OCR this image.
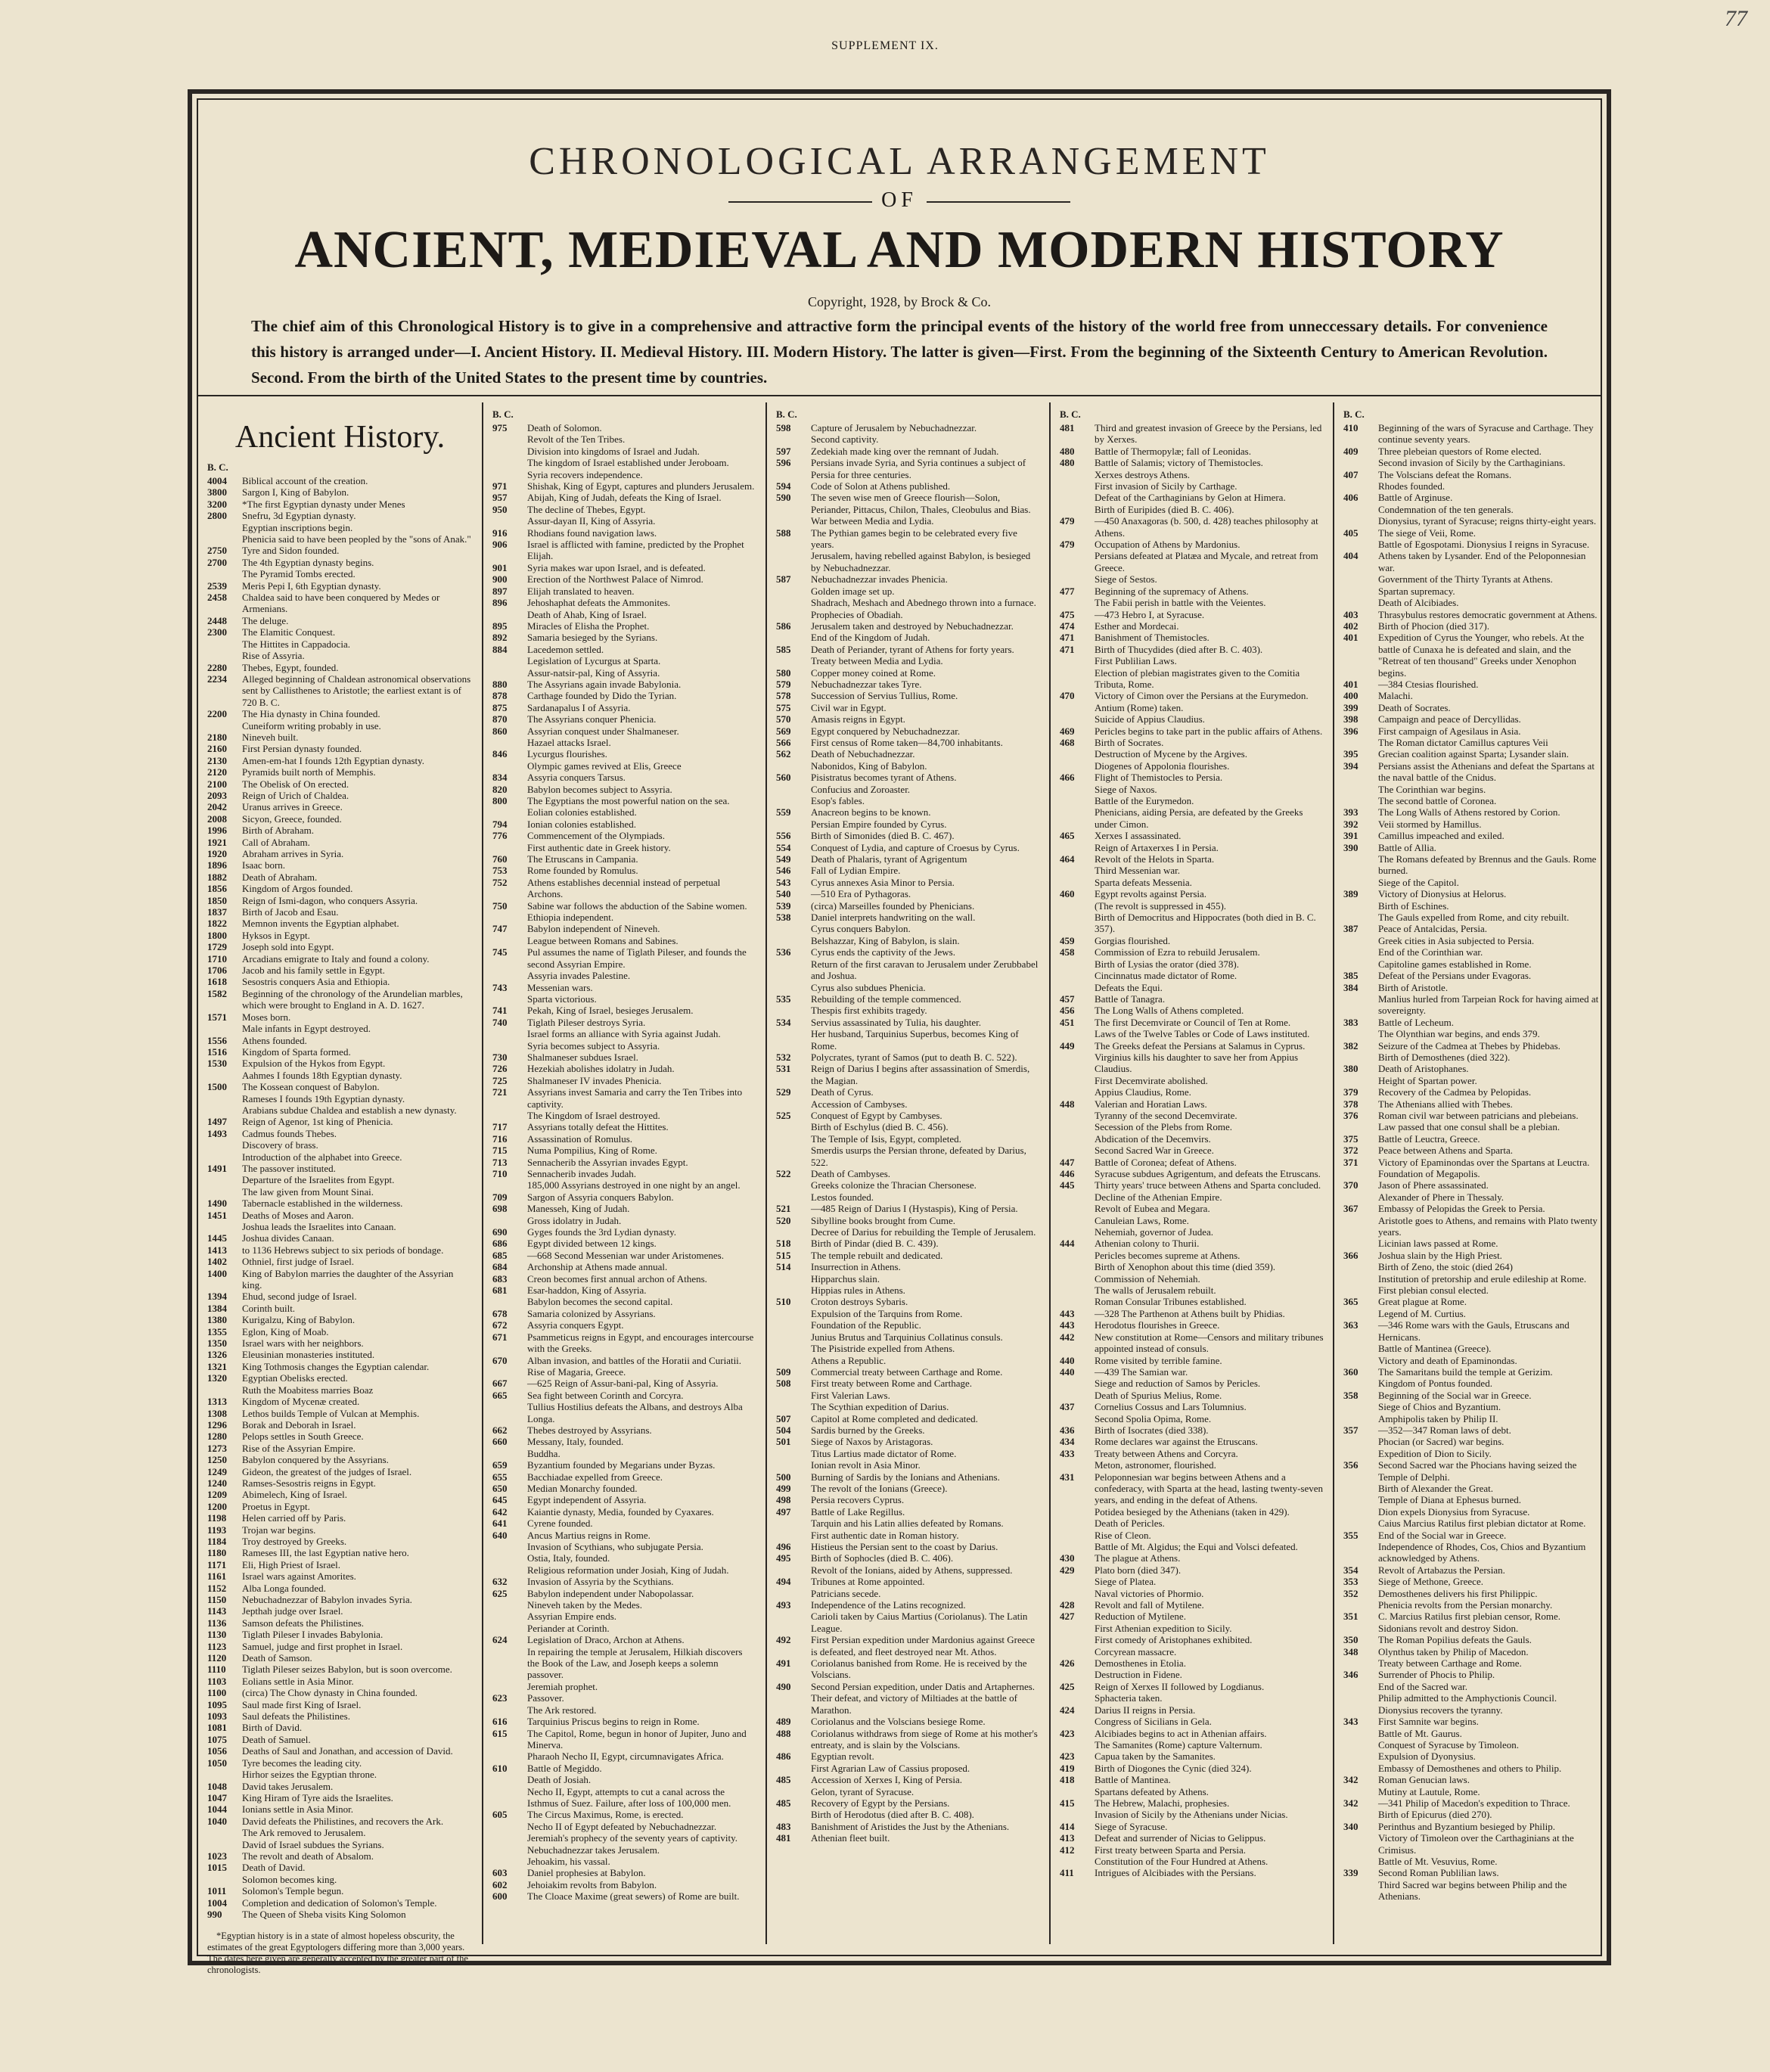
77
SUPPLEMENT IX.
CHRONOLOGICAL ARRANGEMENT
OF
ANCIENT, MEDIEVAL AND MODERN HISTORY
Copyright, 1928, by Brock & Co.
The chief aim of this Chronological History is to give in a comprehensive and attractive form the principal events of the history of the world free from unneccessary details. For convenience this history is arranged under—I. Ancient History. II. Medieval History. III. Modern History. The latter is given—First. From the beginning of the Sixteenth Century to American Revolution. Second. From the birth of the United States to the present time by countries.
Ancient History.
B. C.
4004	Biblical account of the creation.
3800	Sargon I, King of Babylon.
3200	*The first Egyptian dynasty under Menes
2800	Snefru, 3d Egyptian dynasty.
Egyptian inscriptions begin.
Phenicia said to have been peopled by the "sons of Anak."
2750	Tyre and Sidon founded.
2700	The 4th Egyptian dynasty begins.
The Pyramid Tombs erected.
2539	Meris Pepi I, 6th Egyptian dynasty.
2458	Chaldea said to have been conquered by Medes or Armenians.
2448	The deluge.
2300	The Elamitic Conquest.
The Hittites in Cappadocia.
Rise of Assyria.
2280	Thebes, Egypt, founded.
2234	Alleged beginning of Chaldean astronomical observations sent by Callisthenes to Aristotle; the earliest extant is of 720 B. C.
2200	The Hia dynasty in China founded.
Cuneiform writing probably in use.
2180	Nineveh built.
2160	First Persian dynasty founded.
2130	Amen-em-hat I founds 12th Egyptian dynasty.
2120	Pyramids built north of Memphis.
2100	The Obelisk of On erected.
2093	Reign of Urich of Chaldea.
2042	Uranus arrives in Greece.
2008	Sicyon, Greece, founded.
1996	Birth of Abraham.
1921	Call of Abraham.
1920	Abraham arrives in Syria.
1896	Isaac born.
1882	Death of Abraham.
1856	Kingdom of Argos founded.
1850	Reign of Ismi-dagon, who conquers Assyria.
1837	Birth of Jacob and Esau.
1822	Memnon invents the Egyptian alphabet.
1800	Hyksos in Egypt.
1729	Joseph sold into Egypt.
1710	Arcadians emigrate to Italy and found a colony.
1706	Jacob and his family settle in Egypt.
1618	Sesostris conquers Asia and Ethiopia.
1582	Beginning of the chronology of the Arundelian marbles, which were brought to England in A. D. 1627.
1571	Moses born.
Male infants in Egypt destroyed.
1556	Athens founded.
1516	Kingdom of Sparta formed.
1530	Expulsion of the Hykos from Egypt.
Aahmes I founds 18th Egyptian dynasty.
1500	The Kossean conquest of Babylon.
Rameses I founds 19th Egyptian dynasty.
Arabians subdue Chaldea and establish a new dynasty.
1497	Reign of Agenor, 1st king of Phenicia.
1493	Cadmus founds Thebes.
Discovery of brass.
Introduction of the alphabet into Greece.
1491	The passover instituted.
Departure of the Israelites from Egypt.
The law given from Mount Sinai.
1490	Tabernacle established in the wilderness.
1451	Deaths of Moses and Aaron.
Joshua leads the Israelites into Canaan.
1445	Joshua divides Canaan.
1413	to 1136 Hebrews subject to six periods of bondage.
1402	Othniel, first judge of Israel.
1400	King of Babylon marries the daughter of the Assyrian king.
1394	Ehud, second judge of Israel.
1384	Corinth built.
1380	Kurigalzu, King of Babylon.
1355	Eglon, King of Moab.
1350	Israel wars with her neighbors.
1326	Eleusinian monasteries instituted.
1321	King Tothmosis changes the Egyptian calendar.
1320	Egyptian Obelisks erected.
Ruth the Moabitess marries Boaz
1313	Kingdom of Mycenæ created.
1308	Lethos builds Temple of Vulcan at Memphis.
1296	Borak and Deborah in Israel.
1280	Pelops settles in South Greece.
1273	Rise of the Assyrian Empire.
1250	Babylon conquered by the Assyrians.
1249	Gideon, the greatest of the judges of Israel.
1240	Ramses-Sesostris reigns in Egypt.
1209	Abimelech, King of Israel.
1200	Proetus in Egypt.
1198	Helen carried off by Paris.
1193	Trojan war begins.
1184	Troy destroyed by Greeks.
1180	Rameses III, the last Egyptian native hero.
1171	Eli, High Priest of Israel.
1161	Israel wars against Amorites.
1152	Alba Longa founded.
1150	Nebuchadnezzar of Babylon invades Syria.
1143	Jepthah judge over Israel.
1136	Samson defeats the Philistines.
1130	Tiglath Pileser I invades Babylonia.
1123	Samuel, judge and first prophet in Israel.
1120	Death of Samson.
1110	Tiglath Pileser seizes Babylon, but is soon overcome.
1103	Eolians settle in Asia Minor.
1100	(circa) The Chow dynasty in China founded.
1095	Saul made first King of Israel.
1093	Saul defeats the Philistines.
1081	Birth of David.
1075	Death of Samuel.
1056	Deaths of Saul and Jonathan, and accession of David.
1050	Tyre becomes the leading city.
Hirhor seizes the Egyptian throne.
1048	David takes Jerusalem.
1047	King Hiram of Tyre aids the Israelites.
1044	Ionians settle in Asia Minor.
1040	David defeats the Philistines, and recovers the Ark.
The Ark removed to Jerusalem.
David of Israel subdues the Syrians.
1023	The revolt and death of Absalom.
1015	Death of David.
Solomon becomes king.
1011	Solomon's Temple begun.
1004	Completion and dedication of Solomon's Temple.
990	The Queen of Sheba visits King Solomon
*Egyptian history is in a state of almost hopeless obscurity, the estimates of the great Egyptologers differing more than 3,000 years. The dates here given are generally accepted by the greater part of the chronologists.
B. C.
975	Death of Solomon.
Revolt of the Ten Tribes.
Division into kingdoms of Israel and Judah.
The kingdom of Israel established under Jeroboam.
Syria recovers independence.
971	Shishak, King of Egypt, captures and plunders Jerusalem.
957	Abijah, King of Judah, defeats the King of Israel.
950	The decline of Thebes, Egypt.
Assur-dayan II, King of Assyria.
916	Rhodians found navigation laws.
906	Israel is afflicted with famine, predicted by the Prophet Elijah.
901	Syria makes war upon Israel, and is defeated.
900	Erection of the Northwest Palace of Nimrod.
897	Elijah translated to heaven.
896	Jehoshaphat defeats the Ammonites.
Death of Ahab, King of Israel.
895	Miracles of Elisha the Prophet.
892	Samaria besieged by the Syrians.
884	Lacedemon settled.
Legislation of Lycurgus at Sparta.
Assur-natsir-pal, King of Assyria.
880	The Assyrians again invade Babylonia.
878	Carthage founded by Dido the Tyrian.
875	Sardanapalus I of Assyria.
870	The Assyrians conquer Phenicia.
860	Assyrian conquest under Shalmaneser.
Hazael attacks Israel.
846	Lycurgus flourishes.
Olympic games revived at Elis, Greece
834	Assyria conquers Tarsus.
820	Babylon becomes subject to Assyria.
800	The Egyptians the most powerful nation on the sea.
Eolian colonies established.
794	Ionian colonies established.
776	Commencement of the Olympiads.
First authentic date in Greek history.
760	The Etruscans in Campania.
753	Rome founded by Romulus.
752	Athens establishes decennial instead of perpetual Archons.
750	Sabine war follows the abduction of the Sabine women.
Ethiopia independent.
747	Babylon independent of Nineveh.
League between Romans and Sabines.
745	Pul assumes the name of Tiglath Pileser, and founds the second Assyrian Empire.
Assyria invades Palestine.
743	Messenian wars.
Sparta victorious.
741	Pekah, King of Israel, besieges Jerusalem.
740	Tiglath Pileser destroys Syria.
Israel forms an alliance with Syria against Judah.
Syria becomes subject to Assyria.
730	Shalmaneser subdues Israel.
726	Hezekiah abolishes idolatry in Judah.
725	Shalmaneser IV invades Phenicia.
721	Assyrians invest Samaria and carry the Ten Tribes into captivity.
The Kingdom of Israel destroyed.
717	Assyrians totally defeat the Hittites.
716	Assassination of Romulus.
715	Numa Pompilius, King of Rome.
713	Sennacherib the Assyrian invades Egypt.
710	Sennacherib invades Judah.
185,000 Assyrians destroyed in one night by an angel.
709	Sargon of Assyria conquers Babylon.
698	Manesseh, King of Judah.
Gross idolatry in Judah.
690	Gyges founds the 3rd Lydian dynasty.
686	Egypt divided between 12 kings.
685	—668 Second Messenian war under Aristomenes.
684	Archonship at Athens made annual.
683	Creon becomes first annual archon of Athens.
681	Esar-haddon, King of Assyria.
Babylon becomes the second capital.
678	Samaria colonized by Assyrians.
672	Assyria conquers Egypt.
671	Psammeticus reigns in Egypt, and encourages intercourse with the Greeks.
670	Alban invasion, and battles of the Horatii and Curiatii.
Rise of Magaria, Greece.
667	—625 Reign of Assur-bani-pal, King of Assyria.
665	Sea fight between Corinth and Corcyra.
Tullius Hostilius defeats the Albans, and destroys Alba Longa.
662	Thebes destroyed by Assyrians.
660	Messany, Italy, founded.
Buddha.
659	Byzantium founded by Megarians under Byzas.
655	Bacchiadae expelled from Greece.
650	Median Monarchy founded.
645	Egypt independent of Assyria.
642	Kaiantie dynasty, Media, founded by Cyaxares.
641	Cyrene founded.
640	Ancus Martius reigns in Rome.
Invasion of Scythians, who subjugate Persia.
Ostia, Italy, founded.
Religious reformation under Josiah, King of Judah.
632	Invasion of Assyria by the Scythians.
625	Babylon independent under Nabopolassar.
Nineveh taken by the Medes.
Assyrian Empire ends.
Periander at Corinth.
624	Legislation of Draco, Archon at Athens.
In repairing the temple at Jerusalem, Hilkiah discovers the Book of the Law, and Joseph keeps a solemn passover.
Jeremiah prophet.
623	Passover.
The Ark restored.
616	Tarquinius Priscus begins to reign in Rome.
615	The Capitol, Rome, begun in honor of Jupiter, Juno and Minerva.
Pharaoh Necho II, Egypt, circumnavigates Africa.
610	Battle of Megiddo.
Death of Josiah.
Necho II, Egypt, attempts to cut a canal across the Isthmus of Suez. Failure, after loss of 100,000 men.
605	The Circus Maximus, Rome, is erected.
Necho II of Egypt defeated by Nebuchadnezzar.
Jeremiah's prophecy of the seventy years of captivity.
Nebuchadnezzar takes Jerusalem.
Jehoakim, his vassal.
603	Daniel prophesies at Babylon.
602	Jehoiakim revolts from Babylon.
600	The Cloace Maxime (great sewers) of Rome are built.
B. C.
598	Capture of Jerusalem by Nebuchadnezzar.
Second captivity.
597	Zedekiah made king over the remnant of Judah.
596	Persians invade Syria, and Syria continues a subject of Persia for three centuries.
594	Code of Solon at Athens published.
590	The seven wise men of Greece flourish—Solon, Periander, Pittacus, Chilon, Thales, Cleobulus and Bias.
War between Media and Lydia.
588	The Pythian games begin to be celebrated every five years.
Jerusalem, having rebelled against Babylon, is besieged by Nebuchadnezzar.
587	Nebuchadnezzar invades Phenicia.
Golden image set up.
Shadrach, Meshach and Abednego thrown into a furnace.
Prophecies of Obadiah.
586	Jerusalem taken and destroyed by Nebuchadnezzar.
End of the Kingdom of Judah.
585	Death of Periander, tyrant of Athens for forty years.
Treaty between Media and Lydia.
580	Copper money coined at Rome.
579	Nebuchadnezzar takes Tyre.
578	Succession of Servius Tullius, Rome.
575	Civil war in Egypt.
570	Amasis reigns in Egypt.
569	Egypt conquered by Nebuchadnezzar.
566	First census of Rome taken—84,700 inhabitants.
562	Death of Nebuchadnezzar.
Nabonidos, King of Babylon.
560	Pisistratus becomes tyrant of Athens.
Confucius and Zoroaster.
Esop's fables.
559	Anacreon begins to be known.
Persian Empire founded by Cyrus.
556	Birth of Simonides (died B. C. 467).
554	Conquest of Lydia, and capture of Croesus by Cyrus.
549	Death of Phalaris, tyrant of Agrigentum
546	Fall of Lydian Empire.
543	Cyrus annexes Asia Minor to Persia.
540	—510 Era of Pythagoras.
539	(circa) Marseilles founded by Phenicians.
538	Daniel interprets handwriting on the wall.
Cyrus conquers Babylon.
Belshazzar, King of Babylon, is slain.
536	Cyrus ends the captivity of the Jews.
Return of the first caravan to Jerusalem under Zerubbabel and Joshua.
Cyrus also subdues Phenicia.
535	Rebuilding of the temple commenced.
Thespis first exhibits tragedy.
534	Servius assassinated by Tulia, his daughter.
Her husband, Tarquinius Superbus, becomes King of Rome.
532	Polycrates, tyrant of Samos (put to death B. C. 522).
531	Reign of Darius I begins after assassination of Smerdis, the Magian.
529	Death of Cyrus.
Accession of Cambyses.
525	Conquest of Egypt by Cambyses.
Birth of Eschylus (died B. C. 456).
The Temple of Isis, Egypt, completed.
Smerdis usurps the Persian throne, defeated by Darius, 522.
522	Death of Cambyses.
Greeks colonize the Thracian Chersonese.
Lestos founded.
521	—485 Reign of Darius I (Hystaspis), King of Persia.
520	Sibylline books brought from Cume.
Decree of Darius for rebuilding the Temple of Jerusalem.
518	Birth of Pindar (died B. C. 439).
515	The temple rebuilt and dedicated.
514	Insurrection in Athens.
Hipparchus slain.
Hippias rules in Athens.
510	Croton destroys Sybaris.
Expulsion of the Tarquins from Rome.
Foundation of the Republic.
Junius Brutus and Tarquinius Collatinus consuls.
The Pisistride expelled from Athens.
Athens a Republic.
509	Commercial treaty between Carthage and Rome.
508	First treaty between Rome and Carthage.
First Valerian Laws.
The Scythian expedition of Darius.
507	Capitol at Rome completed and dedicated.
504	Sardis burned by the Greeks.
501	Siege of Naxos by Aristagoras.
Titus Lartius made dictator of Rome.
Ionian revolt in Asia Minor.
500	Burning of Sardis by the Ionians and Athenians.
499	The revolt of the Ionians (Greece).
498	Persia recovers Cyprus.
497	Battle of Lake Regillus.
Tarquin and his Latin allies defeated by Romans.
First authentic date in Roman history.
496	Histieus the Persian sent to the coast by Darius.
495	Birth of Sophocles (died B. C. 406).
Revolt of the Ionians, aided by Athens, suppressed.
494	Tribunes at Rome appointed.
Patricians secede.
493	Independence of the Latins recognized.
Carioli taken by Caius Martius (Coriolanus). The Latin League.
492	First Persian expedition under Mardonius against Greece is defeated, and fleet destroyed near Mt. Athos.
491	Coriolanus banished from Rome. He is received by the Volscians.
490	Second Persian expedition, under Datis and Artaphernes.
Their defeat, and victory of Miltiades at the battle of Marathon.
489	Coriolanus and the Volscians besiege Rome.
488	Coriolanus withdraws from siege of Rome at his mother's entreaty, and is slain by the Volscians.
486	Egyptian revolt.
First Agrarian Law of Cassius proposed.
485	Accession of Xerxes I, King of Persia.
Gelon, tyrant of Syracuse.
485	Recovery of Egypt by the Persians.
Birth of Herodotus (died after B. C. 408).
483	Banishment of Aristides the Just by the Athenians.
481	Athenian fleet built.
B. C.
481	Third and greatest invasion of Greece by the Persians, led by Xerxes.
480	Battle of Thermopylæ; fall of Leonidas.
480	Battle of Salamis; victory of Themistocles.
Xerxes destroys Athens.
First invasion of Sicily by Carthage.
Defeat of the Carthaginians by Gelon at Himera.
Birth of Euripides (died B. C. 406).
479	—450 Anaxagoras (b. 500, d. 428) teaches philosophy at Athens.
479	Occupation of Athens by Mardonius.
Persians defeated at Platæa and Mycale, and retreat from Greece.
Siege of Sestos.
477	Beginning of the supremacy of Athens.
The Fabii perish in battle with the Veientes.
475	—473 Hebro I, at Syracuse.
474	Esther and Mordecai.
471	Banishment of Themistocles.
471	Birth of Thucydides (died after B. C. 403).
First Publilian Laws.
Election of plebian magistrates given to the Comitia Tributa, Rome.
470	Victory of Cimon over the Persians at the Eurymedon.
Antium (Rome) taken.
Suicide of Appius Claudius.
469	Pericles begins to take part in the public affairs of Athens.
468	Birth of Socrates.
Destruction of Mycene by the Argives.
Diogenes of Appolonia flourishes.
466	Flight of Themistocles to Persia.
Siege of Naxos.
Battle of the Eurymedon.
Phenicians, aiding Persia, are defeated by the Greeks under Cimon.
465	Xerxes I assassinated.
Reign of Artaxerxes I in Persia.
464	Revolt of the Helots in Sparta.
Third Messenian war.
Sparta defeats Messenia.
460	Egypt revolts against Persia.
(The revolt is suppressed in 455).
Birth of Democritus and Hippocrates (both died in B. C. 357).
459	Gorgias flourished.
458	Commission of Ezra to rebuild Jerusalem.
Birth of Lysias the orator (died 378).
Cincinnatus made dictator of Rome.
Defeats the Equi.
457	Battle of Tanagra.
456	The Long Walls of Athens completed.
451	The first Decemvirate or Council of Ten at Rome.
Laws of the Twelve Tables or Code of Laws instituted.
449	The Greeks defeat the Persians at Salamus in Cyprus.
Virginius kills his daughter to save her from Appius Claudius.
First Decemvirate abolished.
Appius Claudius, Rome.
448	Valerian and Horatian Laws.
Tyranny of the second Decemvirate.
Secession of the Plebs from Rome.
Abdication of the Decemvirs.
Second Sacred War in Greece.
447	Battle of Coronea; defeat of Athens.
446	Syracuse subdues Agrigentum, and defeats the Etruscans.
445	Thirty years' truce between Athens and Sparta concluded.
Decline of the Athenian Empire.
Revolt of Eubea and Megara.
Canuleian Laws, Rome.
Nehemiah, governor of Judea.
444	Athenian colony to Thurii.
Pericles becomes supreme at Athens.
Birth of Xenophon about this time (died 359).
Commission of Nehemiah.
The walls of Jerusalem rebuilt.
Roman Consular Tribunes established.
443	—328 The Parthenon at Athens built by Phidias.
443	Herodotus flourishes in Greece.
442	New constitution at Rome—Censors and military tribunes appointed instead of consuls.
440	Rome visited by terrible famine.
440	—439 The Samian war.
Siege and reduction of Samos by Pericles.
Death of Spurius Melius, Rome.
437	Cornelius Cossus and Lars Tolumnius.
Second Spolia Opima, Rome.
436	Birth of Isocrates (died 338).
434	Rome declares war against the Etruscans.
433	Treaty between Athens and Corcyra.
Meton, astronomer, flourished.
431	Peloponnesian war begins between Athens and a confederacy, with Sparta at the head, lasting twenty-seven years, and ending in the defeat of Athens.
Potidea besieged by the Athenians (taken in 429).
Death of Pericles.
Rise of Cleon.
Battle of Mt. Algidus; the Equi and Volsci defeated.
430	The plague at Athens.
429	Plato born (died 347).
Siege of Platea.
Naval victories of Phormio.
428	Revolt and fall of Mytilene.
427	Reduction of Mytilene.
First Athenian expedition to Sicily.
First comedy of Aristophanes exhibited.
Corcyrean massacre.
426	Demosthenes in Etolia.
Destruction in Fidene.
425	Reign of Xerxes II followed by Logdianus.
Sphacteria taken.
424	Darius II reigns in Persia.
Congress of Sicilians in Gela.
423	Alcibiades begins to act in Athenian affairs.
The Samanites (Rome) capture Valternum.
423	Capua taken by the Samanites.
419	Birth of Diogones the Cynic (died 324).
418	Battle of Mantinea.
Spartans defeated by Athens.
415	The Hebrew, Malachi, prophesies.
Invasion of Sicily by the Athenians under Nicias.
414	Siege of Syracuse.
413	Defeat and surrender of Nicias to Gelippus.
412	First treaty between Sparta and Persia.
Constitution of the Four Hundred at Athens.
411	Intrigues of Alcibiades with the Persians.
B. C.
410	Beginning of the wars of Syracuse and Carthage. They continue seventy years.
409	Three plebeian questors of Rome elected.
Second invasion of Sicily by the Carthaginians.
407	The Volscians defeat the Romans.
Rhodes founded.
406	Battle of Arginuse.
Condemnation of the ten generals.
Dionysius, tyrant of Syracuse; reigns thirty-eight years.
405	The siege of Veii, Rome.
Battle of Egospotami. Dionysius I reigns in Syracuse.
404	Athens taken by Lysander. End of the Peloponnesian war.
Government of the Thirty Tyrants at Athens.
Spartan supremacy.
Death of Alcibiades.
403	Thrasybulus restores democratic government at Athens.
402	Birth of Phocion (died 317).
401	Expedition of Cyrus the Younger, who rebels. At the battle of Cunaxa he is defeated and slain, and the "Retreat of ten thousand" Greeks under Xenophon begins.
401	—384 Ctesias flourished.
400	Malachi.
399	Death of Socrates.
398	Campaign and peace of Dercyllidas.
396	First campaign of Agesilaus in Asia.
The Roman dictator Camillus captures Veii
395	Grecian coalition against Sparta; Lysander slain.
394	Persians assist the Athenians and defeat the Spartans at the naval battle of the Cnidus.
The Corinthian war begins.
The second battle of Coronea.
393	The Long Walls of Athens restored by Corion.
392	Veii stormed by Hamillus.
391	Camillus impeached and exiled.
390	Battle of Allia.
The Romans defeated by Brennus and the Gauls. Rome burned.
Siege of the Capitol.
389	Victory of Dionysius at Helorus.
Birth of Eschines.
The Gauls expelled from Rome, and city rebuilt.
387	Peace of Antalcidas, Persia.
Greek cities in Asia subjected to Persia.
End of the Corinthian war.
Capitoline games established in Rome.
385	Defeat of the Persians under Evagoras.
384	Birth of Aristotle.
Manlius hurled from Tarpeian Rock for having aimed at sovereignty.
383	Battle of Lecheum.
The Olynthian war begins, and ends 379.
382	Seizure of the Cadmea at Thebes by Phidebas.
Birth of Demosthenes (died 322).
380	Death of Aristophanes.
Height of Spartan power.
379	Recovery of the Cadmea by Pelopidas.
378	The Athenians allied with Thebes.
376	Roman civil war between patricians and plebeians.
Law passed that one consul shall be a plebian.
375	Battle of Leuctra, Greece.
372	Peace between Athens and Sparta.
371	Victory of Epaminondas over the Spartans at Leuctra.
Foundation of Megapolis.
370	Jason of Phere assassinated.
Alexander of Phere in Thessaly.
367	Embassy of Pelopidas the Greek to Persia.
Aristotle goes to Athens, and remains with Plato twenty years.
Licinian laws passed at Rome.
366	Joshua slain by the High Priest.
Birth of Zeno, the stoic (died 264)
Institution of pretorship and erule edileship at Rome.
First plebian consul elected.
365	Great plague at Rome.
Legend of M. Curtius.
363	—346 Rome wars with the Gauls, Etruscans and Hernicans.
Battle of Mantinea (Greece).
Victory and death of Epaminondas.
360	The Samaritans build the temple at Gerizim.
Kingdom of Pontus founded.
358	Beginning of the Social war in Greece.
Siege of Chios and Byzantium.
Amphipolis taken by Philip II.
357	—352—347 Roman laws of debt.
Phocian (or Sacred) war begins.
Expedition of Dion to Sicily.
356	Second Sacred war the Phocians having seized the Temple of Delphi.
Birth of Alexander the Great.
Temple of Diana at Ephesus burned.
Dion expels Dionysius from Syracuse.
Caius Marcius Ratilus first plebian dictator at Rome.
355	End of the Social war in Greece.
Independence of Rhodes, Cos, Chios and Byzantium acknowledged by Athens.
354	Revolt of Artabazus the Persian.
353	Siege of Methone, Greece.
352	Demosthenes delivers his first Philippic.
Phenicia revolts from the Persian monarchy.
351	C. Marcius Ratilus first plebian censor, Rome.
Sidonians revolt and destroy Sidon.
350	The Roman Popilius defeats the Gauls.
348	Olynthus taken by Philip of Macedon.
Treaty between Carthage and Rome.
346	Surrender of Phocis to Philip.
End of the Sacred war.
Philip admitted to the Amphyctionis Council.
Dionysius recovers the tyranny.
343	First Samnite war begins.
Battle of Mt. Gaurus.
Conquest of Syracuse by Timoleon.
Expulsion of Dyonysius.
Embassy of Demosthenes and others to Philip.
342	Roman Genucian laws.
Mutiny at Lautule, Rome.
342	—341 Philip of Macedon's expedition to Thrace.
Birth of Epicurus (died 270).
340	Perinthus and Byzantium besieged by Philip.
Victory of Timoleon over the Carthaginians at the Crimisus.
Battle of Mt. Vesuvius, Rome.
339	Second Roman Publilian laws.
Third Sacred war begins between Philip and the Athenians.
